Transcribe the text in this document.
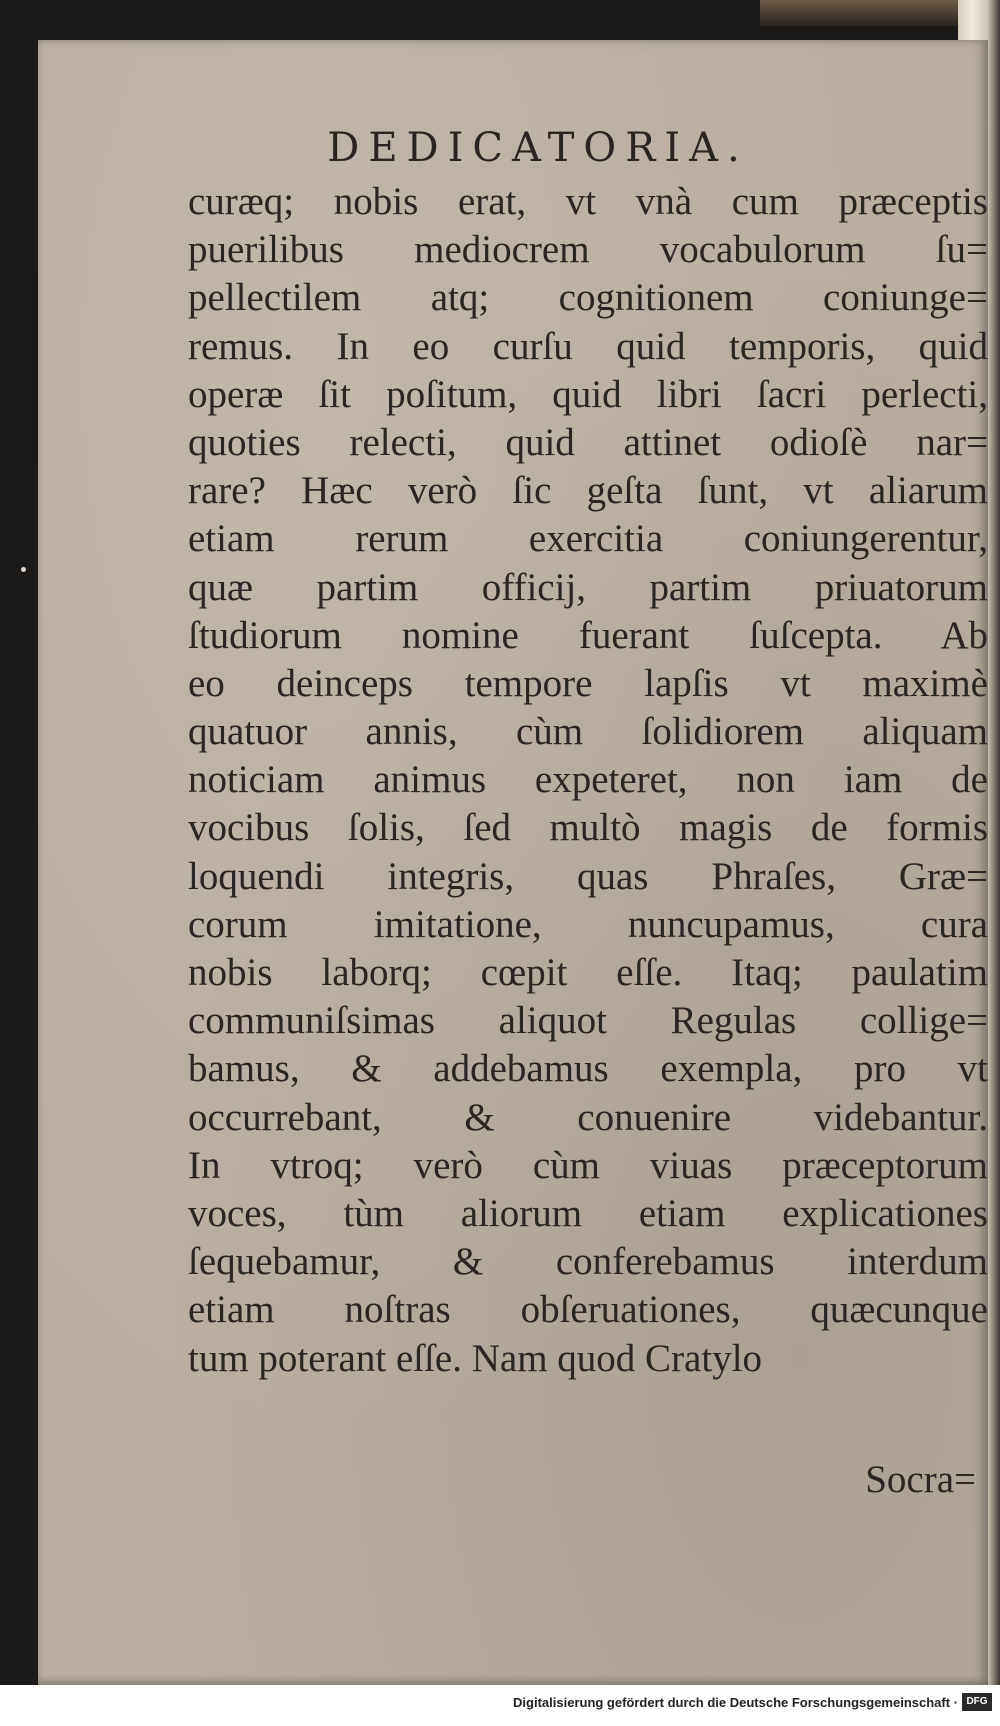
DEDICATORIA.
curæq; nobis erat, vt vnà cum præceptis
puerilibus mediocrem vocabulorum ſu=
pellectilem atq; cognitionem coniunge=
remus. In eo curſu quid temporis, quid
operæ ſit poſitum, quid libri ſacri perlecti,
quoties relecti, quid attinet odioſè nar=
rare? Hæc verò ſic geſta ſunt, vt aliarum
etiam rerum exercitia coniungerentur,
quæ partim officij, partim priuatorum
ſtudiorum nomine fuerant ſuſcepta. Ab
eo deinceps tempore lapſis vt maximè
quatuor annis, cùm ſolidiorem aliquam
noticiam animus expeteret, non iam de
vocibus ſolis, ſed multò magis de formis
loquendi integris, quas Phraſes, Græ=
corum imitatione, nuncupamus, cura
nobis laborq; cœpit eſſe. Itaq; paulatim
communiſsimas aliquot Regulas collige=
bamus, & addebamus exempla, pro vt
occurrebant, & conuenire videbantur.
In vtroq; verò cùm viuas præceptorum
voces, tùm aliorum etiam explicationes
ſequebamur, & conferebamus interdum
etiam noſtras obſeruationes, quæcunque
tum poterant eſſe. Nam quod Cratylo
Socra=
Digitalisierung gefördert durch die Deutsche Forschungsgemeinschaft · DFG
